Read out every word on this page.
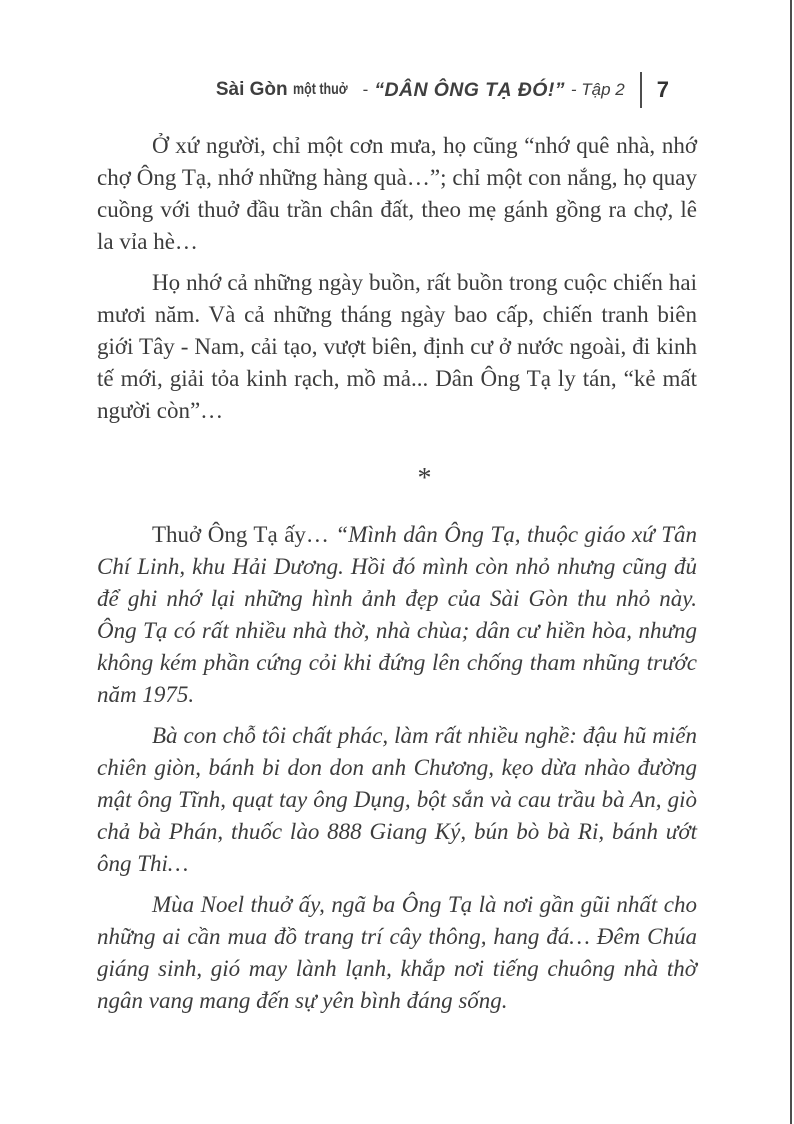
Sài Gòn một thuở - “DÂN ÔNG TẠ ĐÓ!” - Tập 2 7

Ở xứ người, chỉ một cơn mưa, họ cũng “nhớ quê nhà, nhớ chợ Ông Tạ, nhớ những hàng quà…”; chỉ một con nắng, họ quay cuồng với thuở đầu trần chân đất, theo mẹ gánh gồng ra chợ, lê la vỉa hè…

Họ nhớ cả những ngày buồn, rất buồn trong cuộc chiến hai mươi năm. Và cả những tháng ngày bao cấp, chiến tranh biên giới Tây - Nam, cải tạo, vượt biên, định cư ở nước ngoài, đi kinh tế mới, giải tỏa kinh rạch, mồ mả... Dân Ông Tạ ly tán, “kẻ mất người còn”…

*

Thuở Ông Tạ ấy… “Mình dân Ông Tạ, thuộc giáo xứ Tân Chí Linh, khu Hải Dương. Hồi đó mình còn nhỏ nhưng cũng đủ để ghi nhớ lại những hình ảnh đẹp của Sài Gòn thu nhỏ này. Ông Tạ có rất nhiều nhà thờ, nhà chùa; dân cư hiền hòa, nhưng không kém phần cứng cỏi khi đứng lên chống tham nhũng trước năm 1975.

Bà con chỗ tôi chất phác, làm rất nhiều nghề: đậu hũ miến chiên giòn, bánh bi don don anh Chương, kẹo dừa nhào đường mật ông Tĩnh, quạt tay ông Dụng, bột sắn và cau trầu bà An, giò chả bà Phán, thuốc lào 888 Giang Ký, bún bò bà Ri, bánh ướt ông Thi…

Mùa Noel thuở ấy, ngã ba Ông Tạ là nơi gần gũi nhất cho những ai cần mua đồ trang trí cây thông, hang đá… Đêm Chúa giáng sinh, gió may lành lạnh, khắp nơi tiếng chuông nhà thờ ngân vang mang đến sự yên bình đáng sống.
